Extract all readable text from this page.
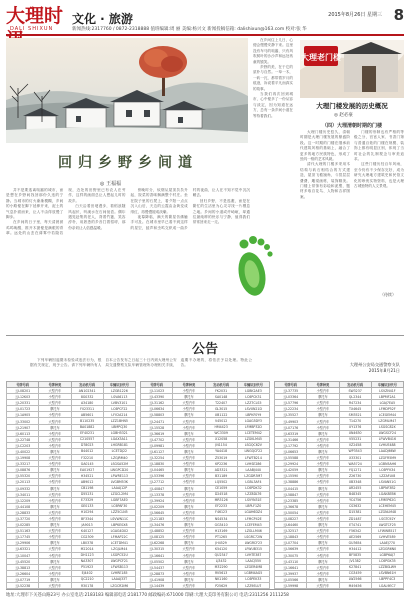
大理时
DALI SHIXUN
文化 · 旅游
新闻热线:2317760 / 0872-2318888 值班编辑:周 丽 美编:杨兴文 新闻投稿信箱: dalishixun@163.com 校对:张 华
2015年8月26日 星期三 8
回归乡野乡间道
◎ 王福福

井不是要逃离喧嚣的城市，而是想在乡野间找回那份久违的宁静。当城市的灯火渐渐模糊，乡间的小路便在脚下延伸开来，泥土的气息扑面而来，让人不由得放慢了脚步。

在乡间的日子里，每天清晨被鸡鸣唤醒，推开木窗便是满眼的青翠。远处的山峦在薄雾中若隐若现，近处的田野里已有农人在劳作，这样的画面总让人想起儿时的故乡。

白天沿着田埂漫步，看稻浪随风起伏，听溪水在石间低语。偶尔遇见赶集的老人，背着竹篓，笑容淳朴，用熟悉的乡音打着招呼，那份亲切让人倍感温暖。

傍晚时分，炊烟从屋顶袅袅升起，饭菜的香味飘满整个村庄。坐在院子里的石凳上，看夕阳一点点沉入山后，天边的云霞由金黄变成绯红，再慢慢褪成淡紫。

夜幕降临，满天的繁星仿佛触手可及。在城市里早已看不到这样的星空，蛙声和虫鸣交织成一曲乡村的夜曲，让人在不知不觉中沉沉睡去。

回归乡野，不是逃避，而是在繁忙的生活里为心灵寻找一片栖息之地。乡间的小道或许崎岖，却通往最纯粹的快乐与宁静，值得我们常常回来走一走。

在乡间住上几日，心便会慢慢安静下来。这里没有车马的喧嚣，只有风吹树叶的沙沙声和远处孩童的嬉笑。

乡野的美，在于它的质朴与自然。一草一木，一砖一瓦，都带着岁月的痕迹，诉说着平凡而真实的故事。

当我们再次回到城市，心中便多了一份从容与淡定，因为知道在远方，总有一条乡间小道在等待着我们。

大理老门楼
大理门楼发展的历史概况
◎ 赵必豪
（四）大理清朝时期的门楼

大理门楼历史悠久，清朝时期是大理门楼发展的鼎盛阶段。这一时期的门楼在继承前代建筑风格的基础上，融合了更多的地方民族特色，形成了独具一格的艺术风貌。

清代大理的门楼多采用木结构与砖石相结合的方式建造，屋顶飞檐翘角，斗拱层层叠叠，雕梁画栋，装饰精美。门楼上常饰有彩绘和泥塑，题材多取自花鸟、人物和吉祥图案。

门楼的形制也有严格的等级之分，官宦人家、书香门第与普通百姓的门楼在规模、装饰上都有明显区别，体现了当时社会的礼制观念与审美追求。

这些门楼历经百年风雨，至今仍有不少保存完好，成为研究大理地方建筑史和民俗文化的珍贵实物资料，也是大理古城独特的人文景观。

（待续）
公告

下列车辆因逾期未检验或违法行为，根据有关规定，现予公告。请下列车辆所有人自本公告发布之日起三十日内到大理州公安局交通警察支队车辆管理所办理相关手续，逾期不办理的，将依法予以处理。特此公告。	大理州公安局交通警察支队
2015年8月21日
号牌号码	号牌种类	发动机号码	车辆识别代号
云L08201	大型汽车	AN102341	LZGB1226
云L12K03	小型汽车	8G0332	LSVA6113
云L20331	大型汽车	A34180	LVBV3101
云L01723	摩托车	F023311	LC6PCF22
云L1A905	小型汽车	AB5601	LFV2A214
云L33002	大型汽车	B110235	LZZ1BHN5
云L21907	摩托车	BA01882	LBMPCJ30
云L60113	小型汽车	EF40231	LGBH5321
云L22T48	大型汽车	C210557	LGAX3A11
云LC2203	小型汽车	D78023	LHGRB181
云L40022	摩托车	B44012	LCETDJ22
云L19908	大型汽车	F32210	LZGJRM40
云L33217	小型汽车	GA0145	LSGSA52M
云L08876	摩托车	EA01927	LWGPCD20
云L55320	大型汽车	H34521	LFWRE113
云L20113	小型汽车	AB9012	LVGBM53K
云L09332	摩托车	CB1198	LAAAJ12P
云L34011	大型汽车	D55231	LZGCL2M4
云L12209	小型汽车	E73329	LGBF7AE0
云L44108	摩托车	GE0133	LC6PAF30
云L28833	大型汽车	H10294	LZZ5CLN5
云L37720	小型汽车	BF3344	LSVWN11C
云L02285	摩托车	JA9013	LBPKE0X8
云L51163	大型汽车	K40127	LGAG4DX2
云L17745	小型汽车	CG2309	LFMAP22C
云L29906	摩托车	LB0378	LCETDM41
云L63321	大型汽车	M22014	LZGJLM44
云L10047	小型汽车	DH1123	LSGPC52U
云L45520	摩托车	NA3307	LWGPCF21
云L38813	大型汽车	P51923	LFWSB113
云L26604	小型汽车	EJ4402	LVHRE185
云L07719	摩托车	QC2210	LAAAJ33T
云L52238	大型汽车	R30178	LZGCR2M6
号牌号码	号牌种类	发动机号码	车辆识别代号
云L11023	小型汽车	FK2031	LGBK2AE3
云L43390	摩托车	SA0148	LC6PCK31
云L31162	大型汽车	T22407	LZZ7CLS5
云L06634	小型汽车	GL3015	LSVXN21D
云L58803	摩托车	UB1122	LBPKF0Y9
云L24471	大型汽车	V45012	LGAG5DY3
云L15528	小型汽车	HM4423	LFMBP32D
云L36619	摩托车	WC3309	LCETEM42
云L47702	大型汽车	X12058	LZGKLM45
云L09981	小型汽车	JN1154	LSGQC62V
云L61127	摩托车	YA4418	LWGQCF22
云L32254	大型汽车	Z53019	LFWTB214
云L18830	小型汽车	KP2236	LVHSE286
云L04465	摩托车	AD3321	LAABJ44U
云L53396	大型汽车	B31189	LZGDR3M7
云L27712	小型汽车	LQ5502	LGBL3AF4
云L40847	摩托车	CE1059	LC6PDK32
云L13378	大型汽车	D24518	LZZ8DLT6
云L39924	小型汽车	MR3126	LSVYN31E
云L02209	摩托车	EF2233	LBPLF1Z0
云L56645	大型汽车	F46123	LGAH6DZ4
云L21183	小型汽车	NS4534	LFMCP42E
云L34476	摩托车	GG3410	LCEFEM43
云L48852	大型汽车	H13169	LZGLLM46
云L08125	小型汽车	PT1265	LSGRC72W
云L62268	摩托车	JH4529	LWGRCF23
云L30315	大型汽车	K54120	LFWUB315
云L16641	小型汽车	QU2347	LVHTE387
云L05502	摩托车	LJ3432	LAACJ55V
云L54437	大型汽车	M32290	LZGER4M8
云L28873	小型汽车	RV5613	LGBM4AG5
云L41908	摩托车	NK1160	LC6PEK33
云L14439	大型汽车	P25629	LZZ9ELU7
号牌号码	号牌种类	发动机号码	车辆识别代号
云L37735	小型汽车	SW3237	LSVZN41F
云L03364	摩托车	QL2344	LBPMF2A1
云L57796	大型汽车	R47234	LGAJ7EA5
云L22234	小型汽车	TX4645	LFMDP52F
云L35527	摩托车	SM3521	LCEGEM44
云L49903	大型汽车	T14270	LZGMLM47
云L07176	小型汽车	UY1376	LSGSC82X
云L63319	摩托车	UN4630	LWGSCF24
云L31466	大型汽车	V55231	LFWVB416
云L17792	小型汽车	VZ2458	LVHUE488
云L06653	摩托车	WP3543	LAADJ66W
云L55588	大型汽车	X33301	LZGFR5M9
云L29924	小型汽车	WA5724	LGBN5AH6
云L42059	摩托车	YQ1271	LC6PFK34
云L15590	大型汽车	Z26730	LZZAFLV8
云L38886	小型汽车	XB3348	LSVAN51G
云L04415	摩托车	AR2455	LBPNF3B2
云L58847	大型汽车	B48345	LGAK8EB6
云L23385	小型汽车	YC4756	LFMEP62G
云L36678	摩托车	CS3632	LCEHEM45
云L50054	大型汽车	D15381	LZGNLM48
云L08227	小型汽车	ZD1487	LSGTC92Y
云L64460	摩托车	ET4741	LWGTCF25
云L32517	大型汽车	F56342	LFWWB517
云L18843	小型汽车	AE2569	LVHVE589
云L07704	摩托车	GU3654	LAAEJ77X
云L56639	大型汽车	H34412	LZGGR6N0
云L30075	小型汽车	BF5835	LGBP6AJ7
云L43110	摩托车	JV1382	LC6PGK35
云L16641	大型汽车	K27841	LZZBGLW9
云L39937	小型汽车	CG3459	LSVBN61H
云L05566	摩托车	LW2566	LBPPF4C3
云L59998	大型汽车	M49456	LGAL9EC7
地址:大理市下关苍山路23号 办公室电话:2183183 编辑部电话:2181770 邮政编码:671000 印刷:大理大美印务有限公司 电话:2311256 2111258
